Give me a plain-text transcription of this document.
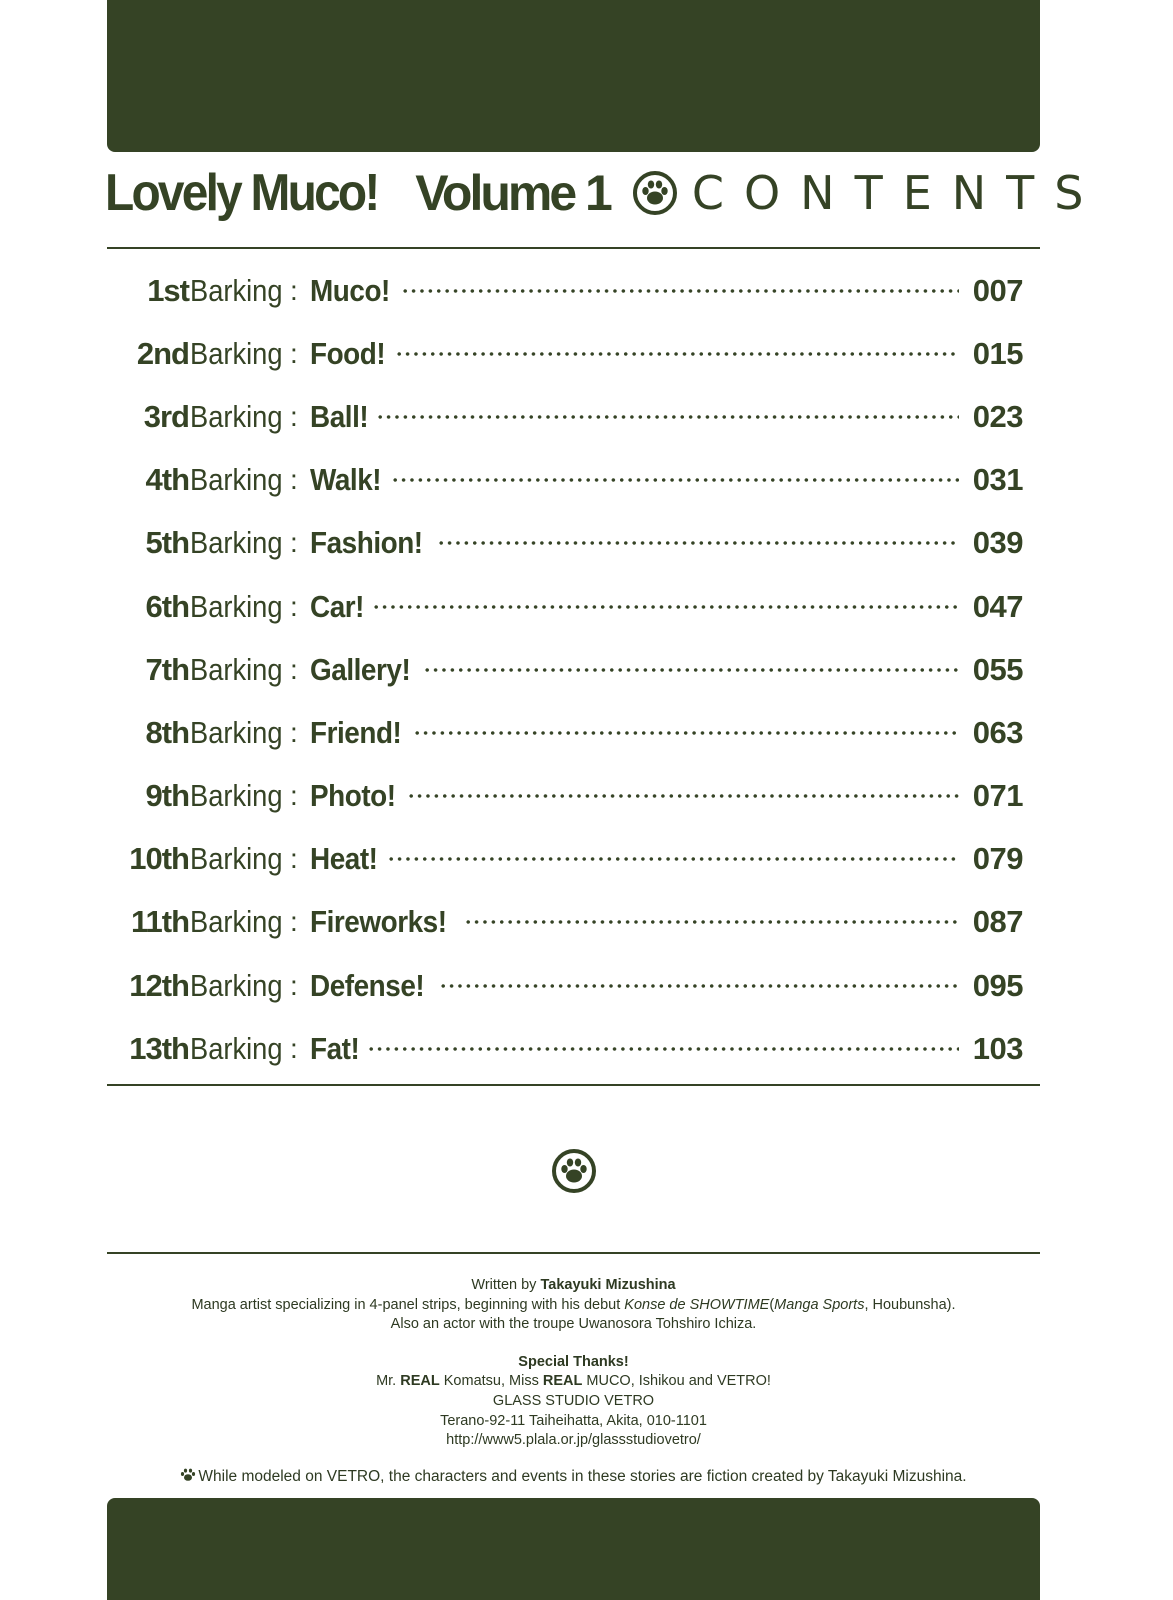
Lovely Muco! Volume 1 CONTENTS
1st Barking : Muco!	007
2nd Barking : Food!	015
3rd Barking : Ball!	023
4th Barking : Walk!	031
5th Barking : Fashion!	039
6th Barking : Car!	047
7th Barking : Gallery!	055
8th Barking : Friend!	063
9th Barking : Photo!	071
10th Barking : Heat!	079
11th Barking : Fireworks!	087
12th Barking : Defense!	095
13th Barking : Fat!	103

Written by Takayuki Mizushina

Manga artist specializing in 4-panel strips, beginning with his debut Konse de SHOWTIME(Manga Sports, Houbunsha).

Also an actor with the troupe Uwanosora Tohshiro Ichiza.

Special Thanks!

Mr. REAL Komatsu, Miss REAL MUCO, Ishikou and VETRO!

GLASS STUDIO VETRO

Terano-92-11 Taiheihatta, Akita, 010-1101

http://www5.plala.or.jp/glassstudiovetro/

While modeled on VETRO, the characters and events in these stories are fiction created by Takayuki Mizushina.
